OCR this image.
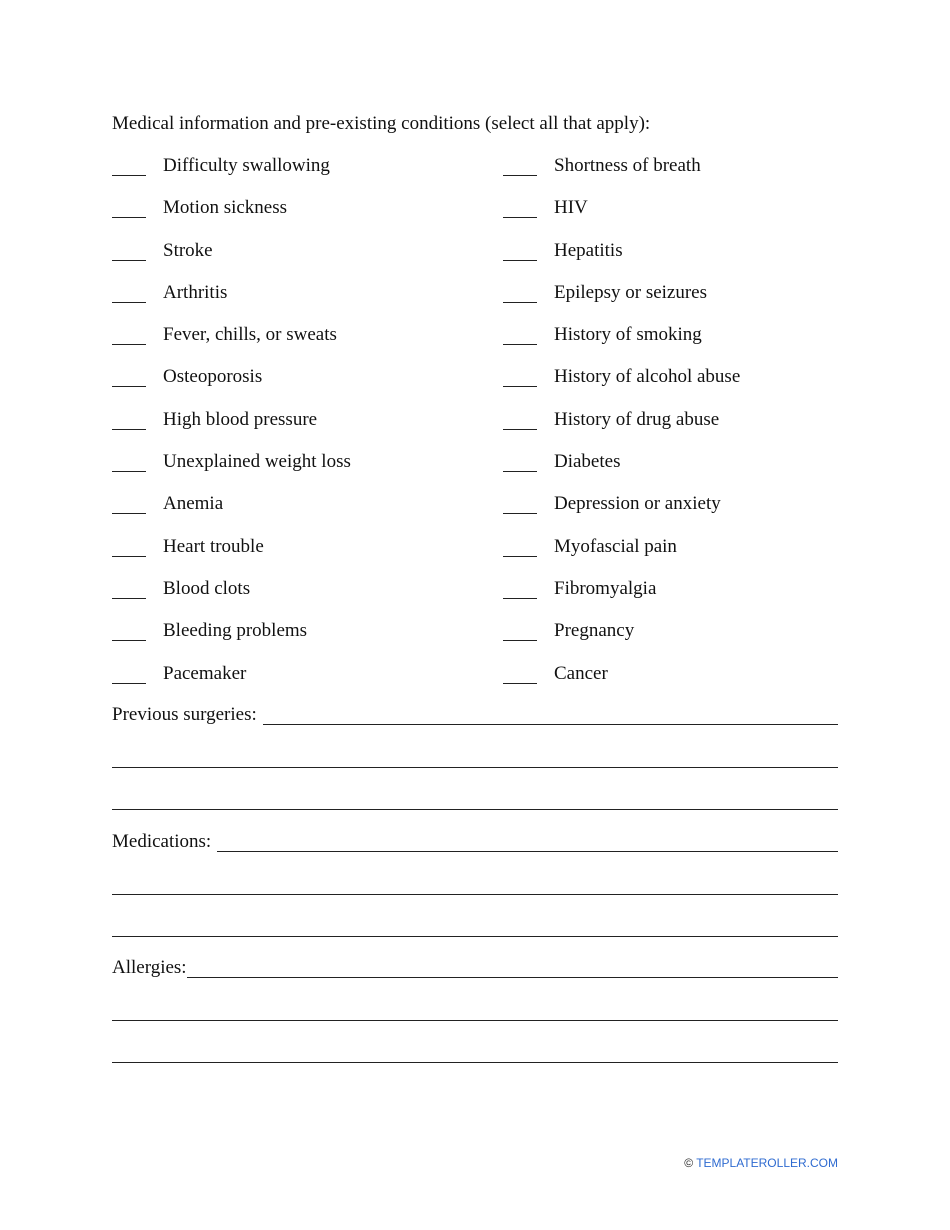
Medical information and pre-existing conditions (select all that apply):
Difficulty swallowing
Motion sickness
Stroke
Arthritis
Fever, chills, or sweats
Osteoporosis
High blood pressure
Unexplained weight loss
Anemia
Heart trouble
Blood clots
Bleeding problems
Pacemaker
Shortness of breath
HIV
Hepatitis
Epilepsy or seizures
History of smoking
History of alcohol abuse
History of drug abuse
Diabetes
Depression or anxiety
Myofascial pain
Fibromyalgia
Pregnancy
Cancer
Previous surgeries:
Medications:
Allergies:
© TEMPLATEROLLER.COM
